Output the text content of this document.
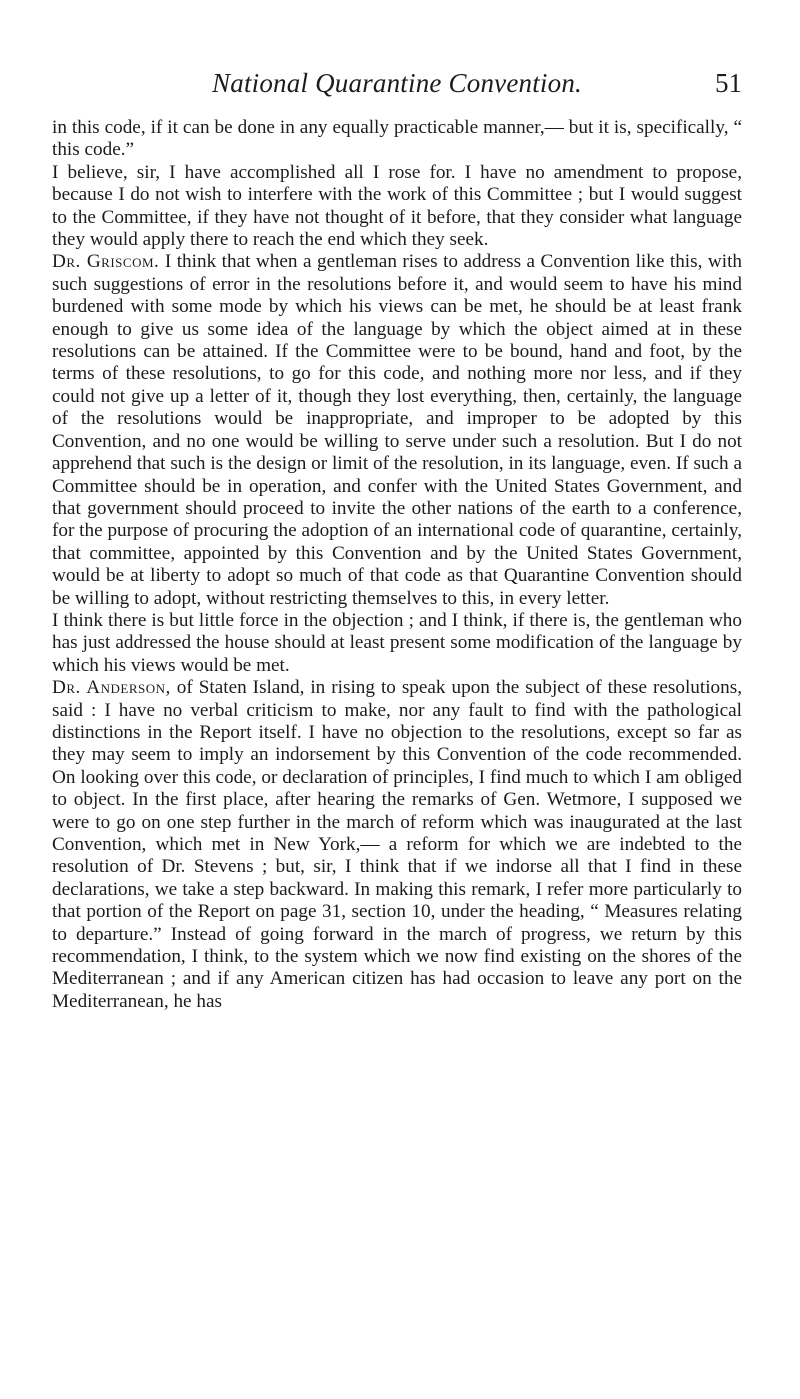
National Quarantine Convention.	51

in this code, if it can be done in any equally practicable manner,— but it is, specifically, “ this code.”

I believe, sir, I have accomplished all I rose for. I have no amendment to propose, because I do not wish to interfere with the work of this Committee ; but I would suggest to the Committee, if they have not thought of it before, that they consider what language they would apply there to reach the end which they seek.

Dr. Griscom. I think that when a gentleman rises to address a Convention like this, with such suggestions of error in the resolutions before it, and would seem to have his mind burdened with some mode by which his views can be met, he should be at least frank enough to give us some idea of the language by which the object aimed at in these resolutions can be attained. If the Committee were to be bound, hand and foot, by the terms of these resolutions, to go for this code, and nothing more nor less, and if they could not give up a letter of it, though they lost everything, then, certainly, the language of the resolutions would be inappropriate, and improper to be adopted by this Convention, and no one would be willing to serve under such a resolution. But I do not apprehend that such is the design or limit of the resolution, in its language, even. If such a Committee should be in operation, and confer with the United States Government, and that government should proceed to invite the other nations of the earth to a conference, for the purpose of procuring the adoption of an international code of quarantine, certainly, that committee, appointed by this Convention and by the United States Government, would be at liberty to adopt so much of that code as that Quarantine Convention should be willing to adopt, without restricting themselves to this, in every letter.

I think there is but little force in the objection ; and I think, if there is, the gentleman who has just addressed the house should at least present some modification of the language by which his views would be met.

Dr. Anderson, of Staten Island, in rising to speak upon the subject of these resolutions, said : I have no verbal criticism to make, nor any fault to find with the pathological distinctions in the Report itself. I have no objection to the resolutions, except so far as they may seem to imply an indorsement by this Convention of the code recommended. On looking over this code, or declaration of principles, I find much to which I am obliged to object. In the first place, after hearing the remarks of Gen. Wetmore, I supposed we were to go on one step further in the march of reform which was inaugurated at the last Convention, which met in New York,— a reform for which we are indebted to the resolution of Dr. Stevens ; but, sir, I think that if we indorse all that I find in these declarations, we take a step backward. In making this remark, I refer more particularly to that portion of the Report on page 31, section 10, under the heading, “ Measures relating to departure.” Instead of going forward in the march of progress, we return by this recommendation, I think, to the system which we now find existing on the shores of the Mediterranean ; and if any American citizen has had occasion to leave any port on the Mediterranean, he has
